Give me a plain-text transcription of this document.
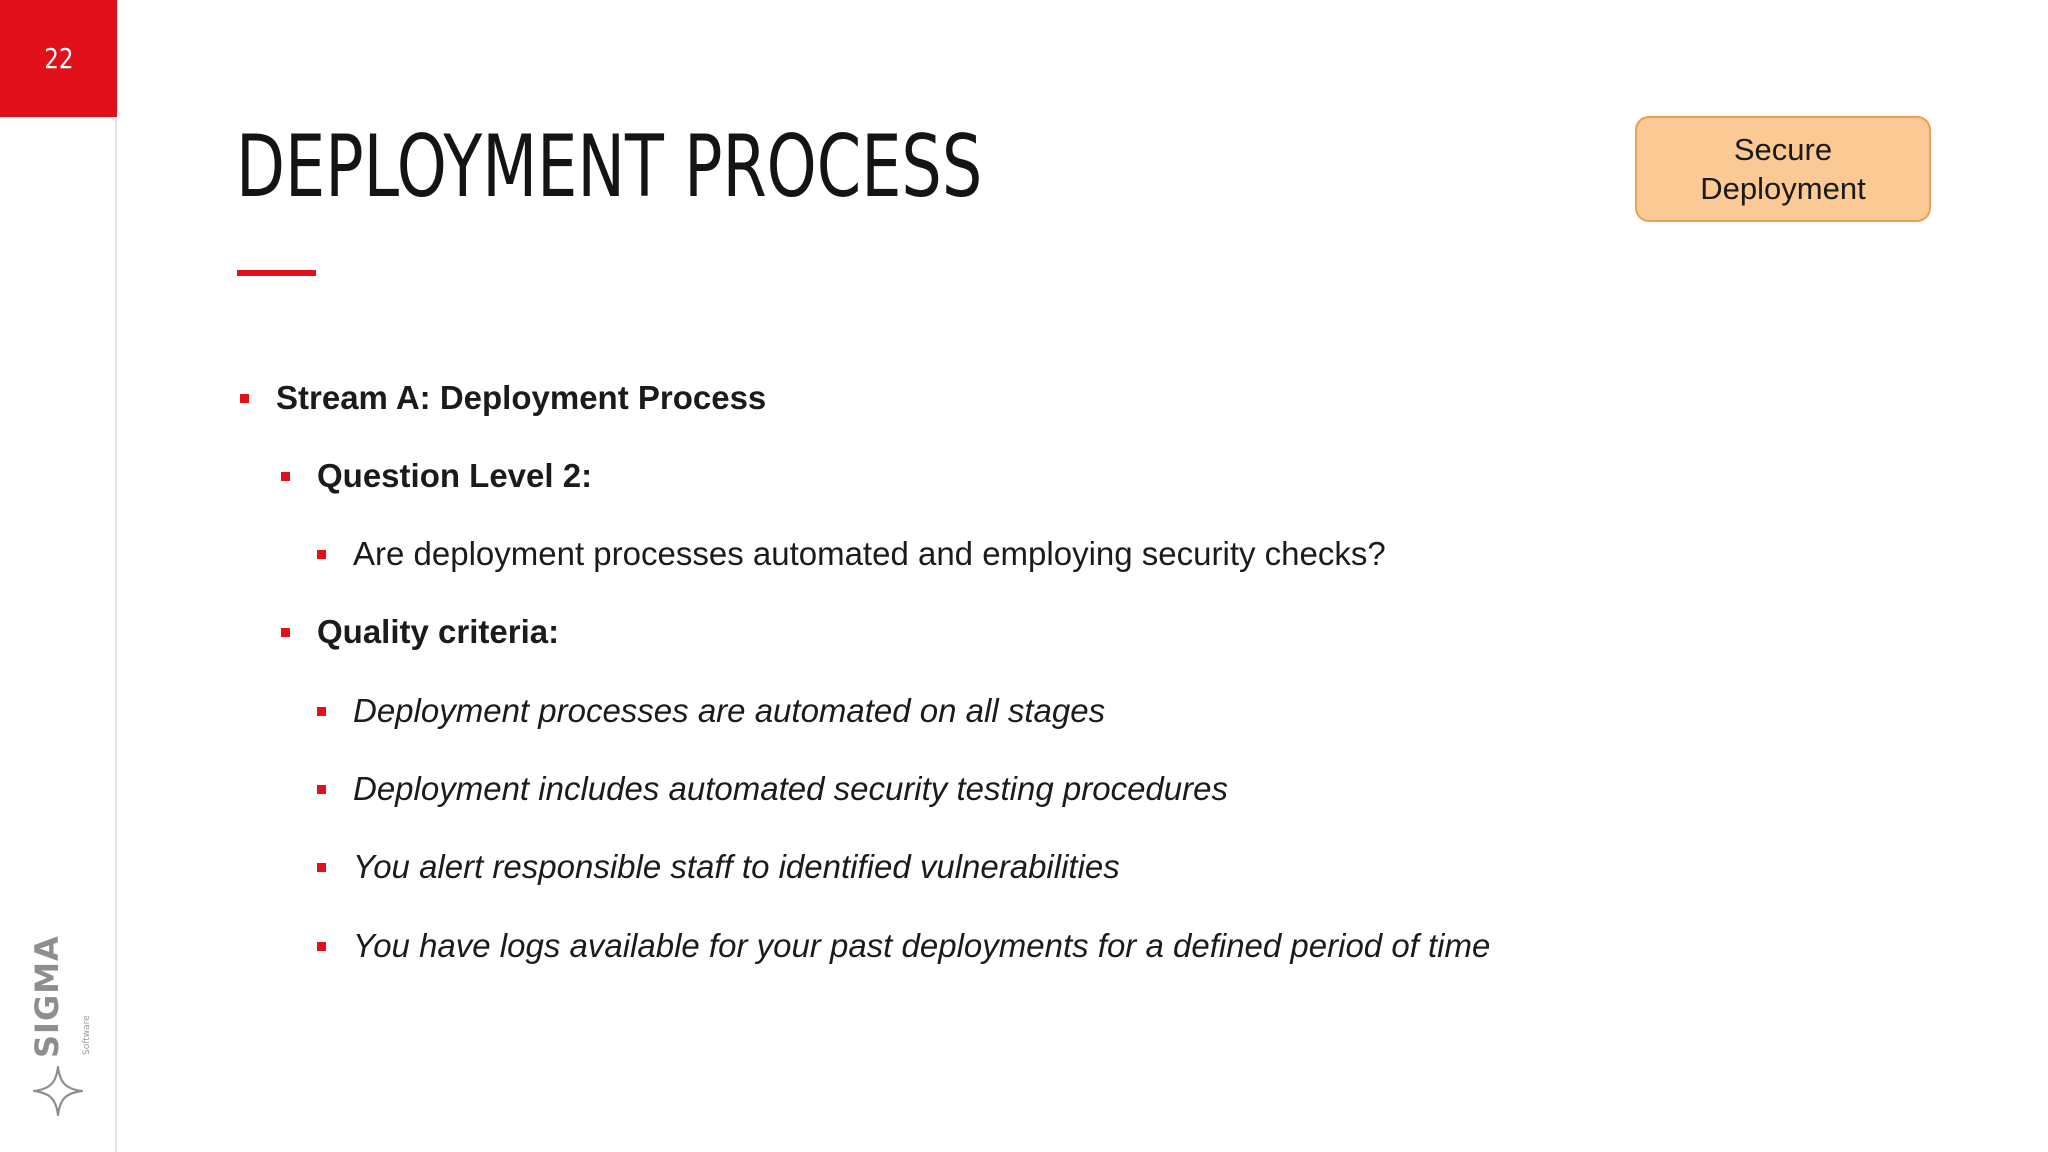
22
SIGMA Software
DEPLOYMENT PROCESS	Secure
Deployment
Stream A: Deployment Process
Question Level 2:
Are deployment processes automated and employing security checks?
Quality criteria:
Deployment processes are automated on all stages
Deployment includes automated security testing procedures
You alert responsible staff to identified vulnerabilities
You have logs available for your past deployments for a defined period of time
